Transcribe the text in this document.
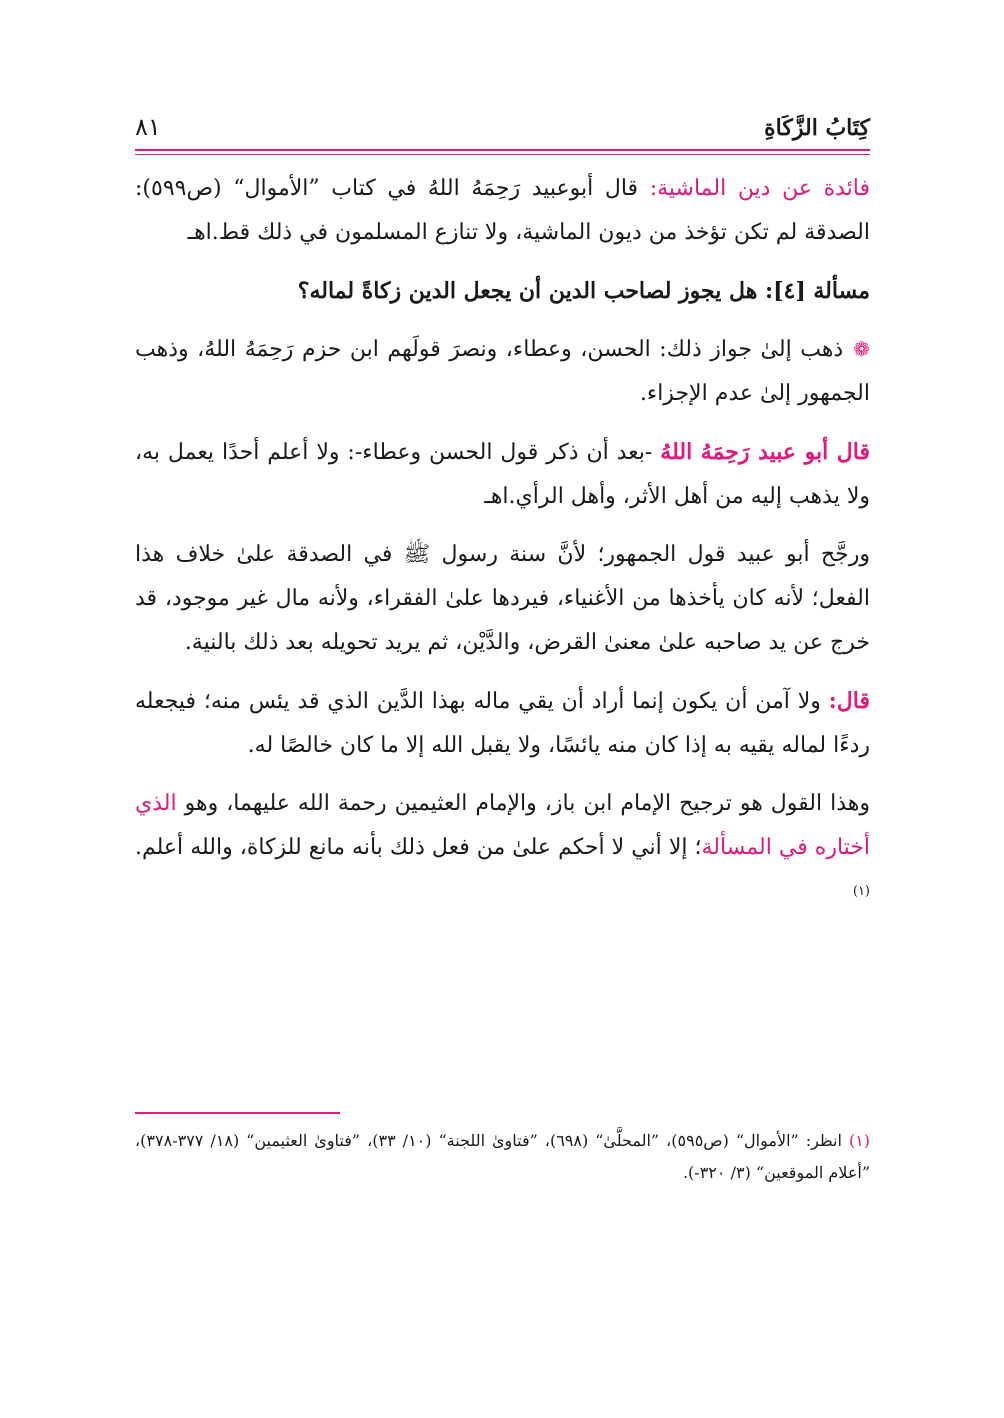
كِتَابُ الزَّكَاةِ
٨١

فائدة عن دين الماشية: قال أبوعبيد رَحِمَهُ اللهُ في كتاب ”الأموال“ (ص٥٩٩): الصدقة لم تكن تؤخذ من ديون الماشية، ولا تنازع المسلمون في ذلك قط.اهـ

مسألة [٤]: هل يجوز لصاحب الدين أن يجعل الدين زكاةً لماله؟

❁ذهب إلىٰ جواز ذلك: الحسن، وعطاء، ونصرَ قولَهم ابن حزم رَحِمَهُ اللهُ، وذهب الجمهور إلىٰ عدم الإجزاء.

قال أبو عبيد رَحِمَهُ اللهُ -بعد أن ذكر قول الحسن وعطاء-: ولا أعلم أحدًا يعمل به، ولا يذهب إليه من أهل الأثر، وأهل الرأي.اهـ

ورجَّح أبو عبيد قول الجمهور؛ لأنَّ سنة رسول ﷺ في الصدقة علىٰ خلاف هذا الفعل؛ لأنه كان يأخذها من الأغنياء، فيردها علىٰ الفقراء، ولأنه مال غير موجود، قد خرج عن يد صاحبه علىٰ معنىٰ القرض، والدَّيْن، ثم يريد تحويله بعد ذلك بالنية.

قال: ولا آمن أن يكون إنما أراد أن يقي ماله بهذا الدَّين الذي قد يئس منه؛ فيجعله ردءًا لماله يقيه به إذا كان منه يائسًا، ولا يقبل الله إلا ما كان خالصًا له.

وهذا القول هو ترجيح الإمام ابن باز، والإمام العثيمين رحمة الله عليهما، وهو الذي أختاره في المسألة؛ إلا أني لا أحكم علىٰ من فعل ذلك بأنه مانع للزكاة، والله أعلم.$^{(١)}$

(١) انظر: ”الأموال“ (ص٥٩٥)، ”المحلَّىٰ“ (٦٩٨)، ”فتاوىٰ اللجنة“ (١٠/ ٣٣)، ”فتاوىٰ العثيمين“ (١٨/ ٣٧٧-٣٧٨)، ”أعلام الموقعين“ (٣/ ٣٢٠-).
